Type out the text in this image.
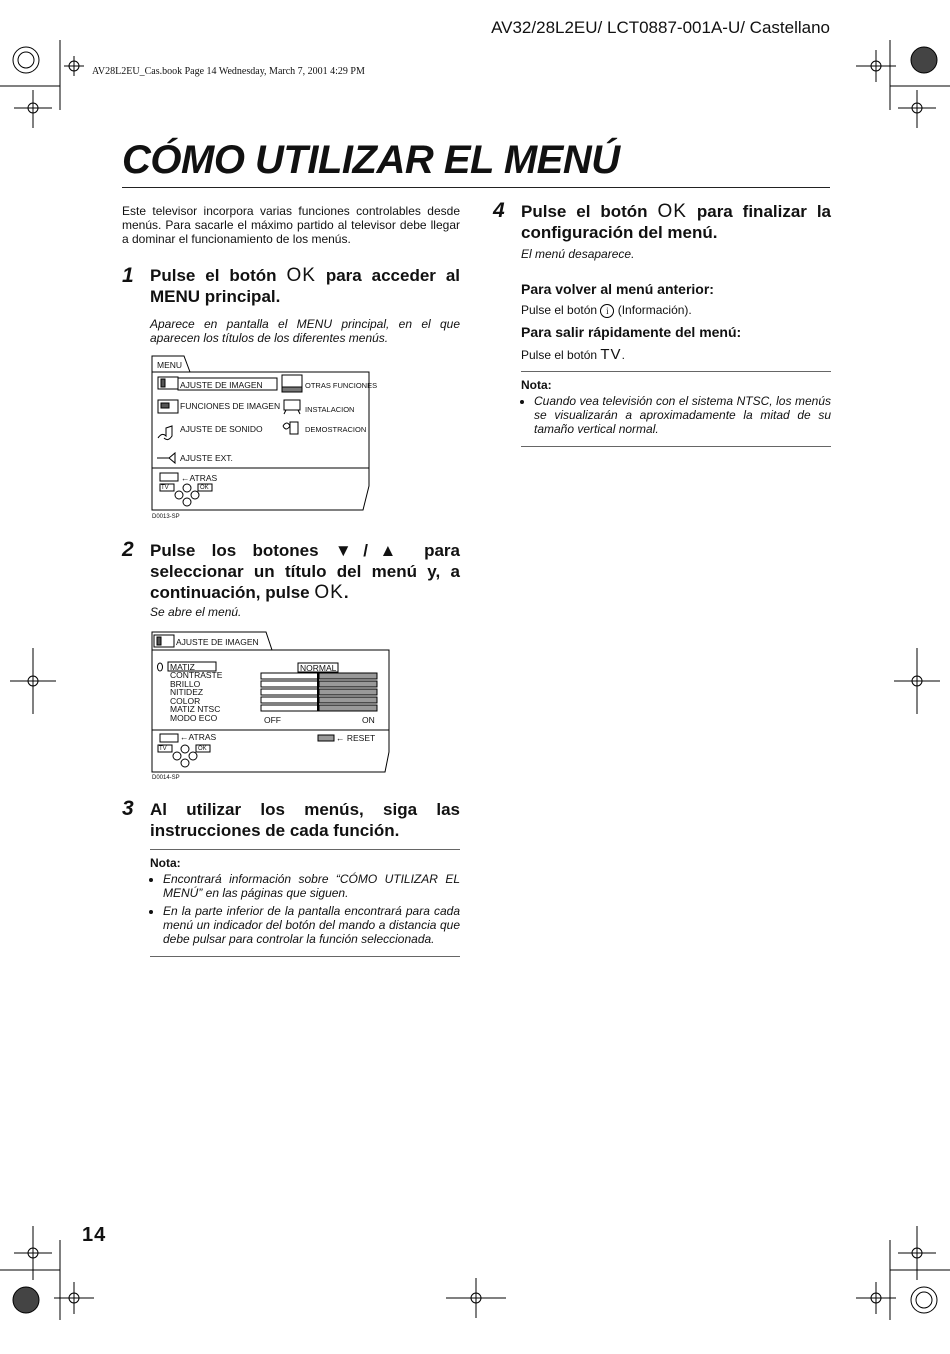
AV32/28L2EU/ LCT0887-001A-U/ Castellano
AV28L2EU_Cas.book Page 14 Wednesday, March 7, 2001 4:29 PM
CÓMO UTILIZAR EL MENÚ
Este televisor incorpora varias funciones controlables desde menús. Para sacarle el máximo partido al televisor debe llegar a dominar el funcionamiento de los menús.
1 Pulse el botón OK para acceder al MENU principal.
Aparece en pantalla el MENU principal, en el que aparecen los títulos de los diferentes menús.
MENU
AJUSTE DE IMAGEN
FUNCIONES DE IMAGEN
AJUSTE DE SONIDO
AJUSTE EXT.
OTRAS FUNCIONES
INSTALACION
DEMOSTRACION
←ATRAS
TV	OK
D0013-SP
2 Pulse los botones ▼/▲ para seleccionar un título del menú y, a continuación, pulse OK.
Se abre el menú.
AJUSTE DE IMAGEN
MATIZ
CONTRASTE
BRILLO
NITIDEZ
COLOR
MATIZ NTSC
MODO ECO
NORMAL
OFF	ON
←ATRAS	← RESET
TV	OK
D0014-SP
3 Al utilizar los menús, siga las instrucciones de cada función.
Nota:
• Encontrará información sobre “CÓMO UTILIZAR EL MENÚ” en las páginas que siguen.
• En la parte inferior de la pantalla encontrará para cada menú un indicador del botón del mando a distancia que debe pulsar para controlar la función seleccionada.
4 Pulse el botón OK para finalizar la configuración del menú.
El menú desaparece.
Para volver al menú anterior:
Pulse el botón i (Información).
Para salir rápidamente del menú:
Pulse el botón TV.
Nota:
• Cuando vea televisión con el sistema NTSC, los menús se visualizarán a aproximadamente la mitad de su tamaño vertical normal.
14
